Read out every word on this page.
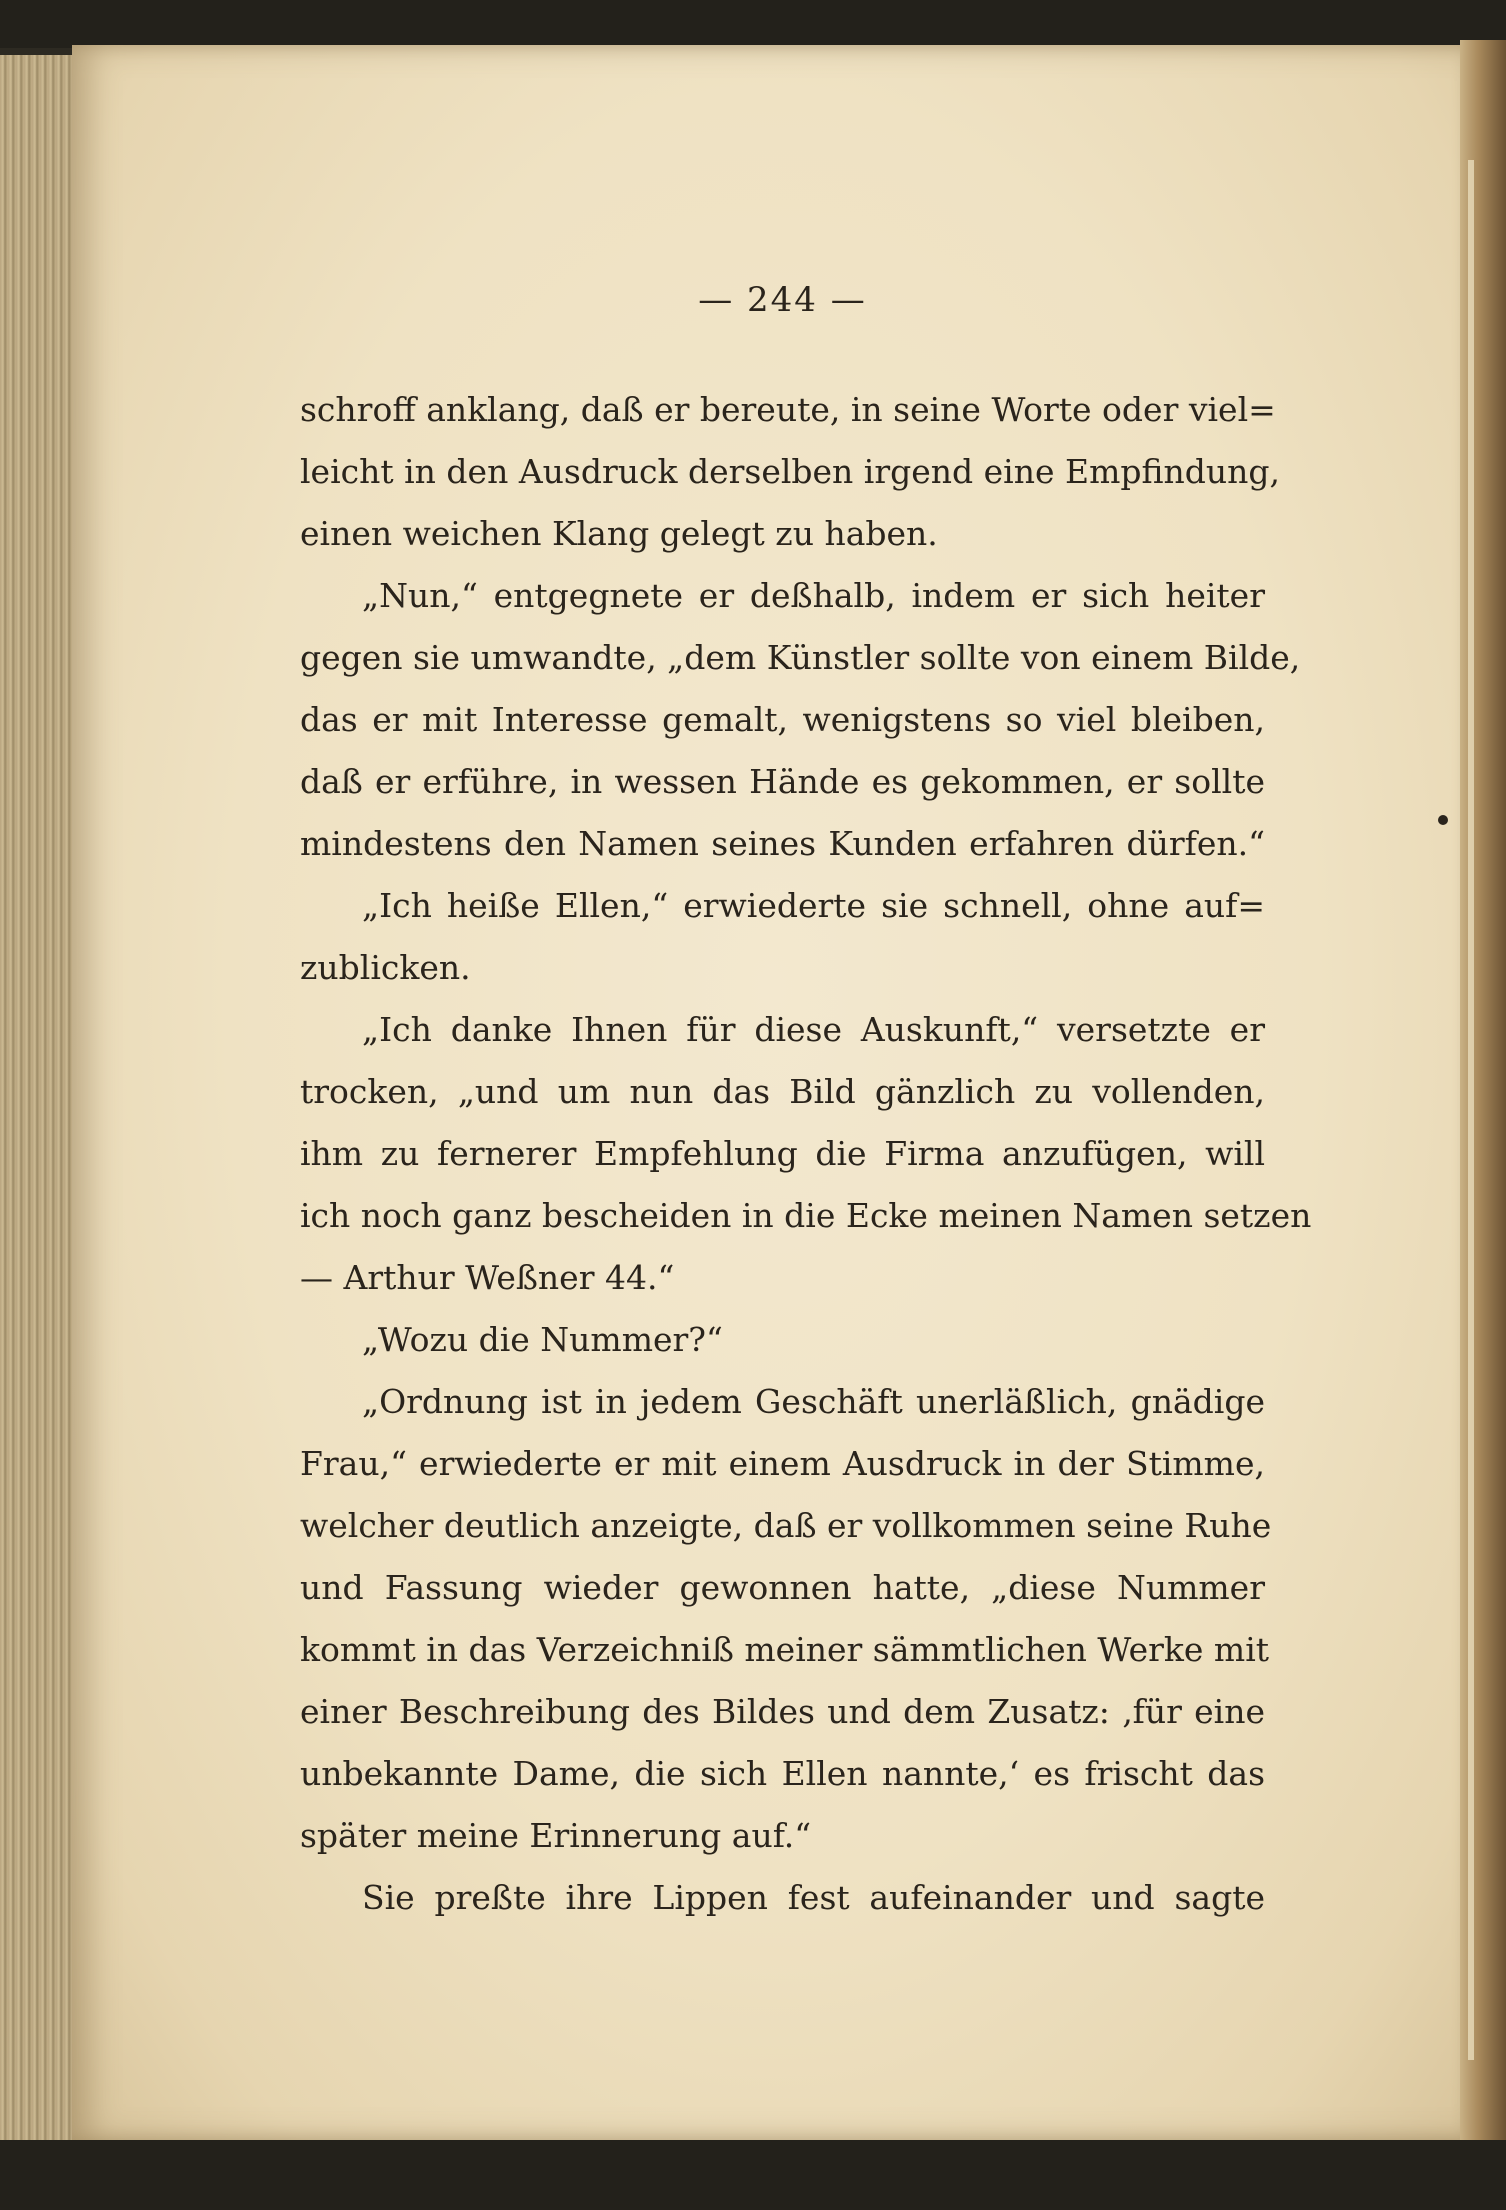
— 244 —
schroff anklang, daß er bereute, in seine Worte oder viel=
leicht in den Ausdruck derselben irgend eine Empfindung,
einen weichen Klang gelegt zu haben.
„Nun,“ entgegnete er deßhalb, indem er sich heiter
gegen sie umwandte, „dem Künstler sollte von einem Bilde,
das er mit Interesse gemalt, wenigstens so viel bleiben,
daß er erführe, in wessen Hände es gekommen, er sollte
mindestens den Namen seines Kunden erfahren dürfen.“
„Ich heiße Ellen,“ erwiederte sie schnell, ohne auf=
zublicken.
„Ich danke Ihnen für diese Auskunft,“ versetzte er
trocken, „und um nun das Bild gänzlich zu vollenden,
ihm zu fernerer Empfehlung die Firma anzufügen, will
ich noch ganz bescheiden in die Ecke meinen Namen setzen
— Arthur Weßner 44.“
„Wozu die Nummer?“
„Ordnung ist in jedem Geschäft unerläßlich, gnädige
Frau,“ erwiederte er mit einem Ausdruck in der Stimme,
welcher deutlich anzeigte, daß er vollkommen seine Ruhe
und Fassung wieder gewonnen hatte, „diese Nummer
kommt in das Verzeichniß meiner sämmtlichen Werke mit
einer Beschreibung des Bildes und dem Zusatz: ‚für eine
unbekannte Dame, die sich Ellen nannte,‘ es frischt das
später meine Erinnerung auf.“
Sie preßte ihre Lippen fest aufeinander und sagte
